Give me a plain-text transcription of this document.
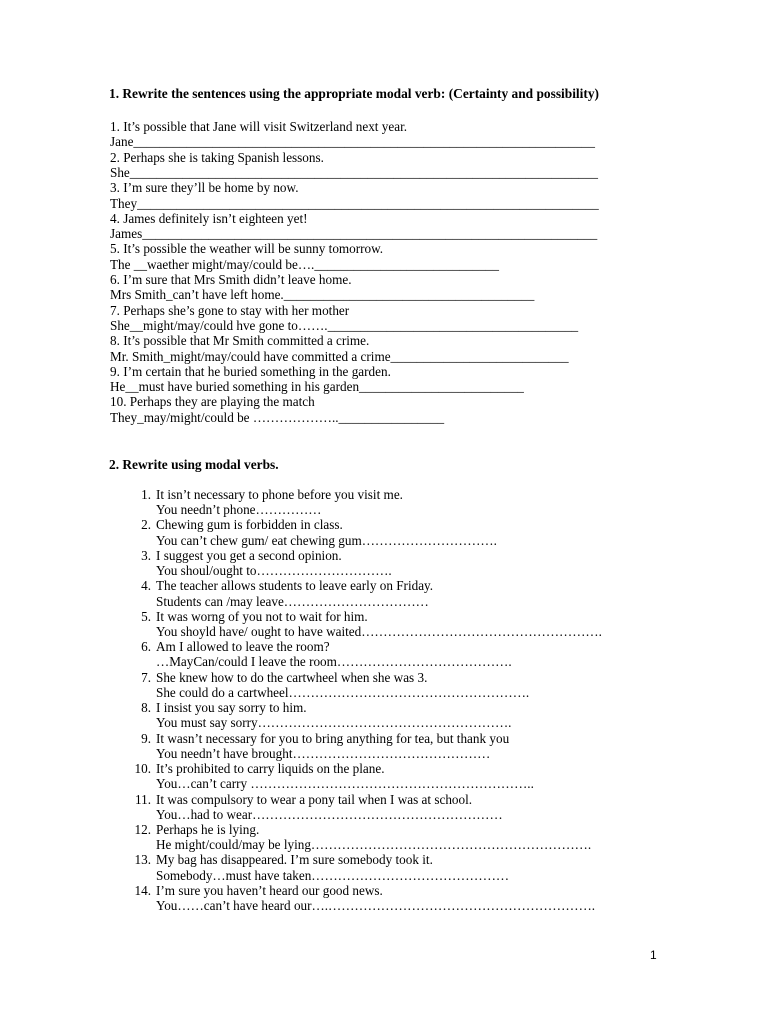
1. Rewrite the sentences using the appropriate modal verb: (Certainty and possibility)
1. It’s possible that Jane will visit Switzerland next year.
Jane______________________________________________________________________
2. Perhaps she is taking Spanish lessons.
She_______________________________________________________________________
3. I’m sure they’ll be home by now.
They______________________________________________________________________
4. James definitely isn’t eighteen yet!
James_____________________________________________________________________
5. It’s possible the weather will be sunny tomorrow.
The __waether might/may/could be….____________________________
6. I’m sure that Mrs Smith didn’t leave home.
Mrs Smith_can’t have left home.______________________________________
7. Perhaps she’s gone to stay with her mother
She__might/may/could hve gone to…….______________________________________
8. It’s possible that Mr Smith committed a crime.
Mr. Smith_might/may/could have committed a crime___________________________
9. I’m certain that he buried something in the garden.
He__must have buried something in his garden_________________________
10. Perhaps they are playing the match
They_may/might/could be ………………..________________
2. Rewrite using modal verbs.
1. It isn’t necessary to phone before you visit me.
You needn’t phone……………
2. Chewing gum is forbidden in class.
You can’t chew gum/ eat chewing gum………………………….
3. I suggest you get a second opinion.
You shoul/ought to………………………….
4. The teacher allows students to leave early on Friday.
Students can /may leave……………………………
5. It was worng of you not to wait for him.
You shoyld have/ ought to have waited……………………………………………….
6. Am I allowed to leave the room?
…MayCan/could I leave the room………………………………….
7. She knew how to do the cartwheel when she was 3.
She could do a cartwheel……………………………………………….
8. I insist you say sorry to him.
You must say sorry………………………………………………….
9. It wasn’t necessary for you to bring anything for tea, but thank you
You needn’t have brought………………………………………
10. It’s prohibited to carry liquids on the plane.
You…can’t carry ………………………………………………………..
11. It was compulsory to wear a pony tail when I was at school.
You…had to wear…………………………………………………
12. Perhaps he is lying.
He might/could/may be lying……………………………………………………….
13. My bag has disappeared. I’m sure somebody took it.
Somebody…must have taken………………………………………
14. I’m sure you haven’t heard our good news.
You……can’t have heard our….…………………………………………………….
1
